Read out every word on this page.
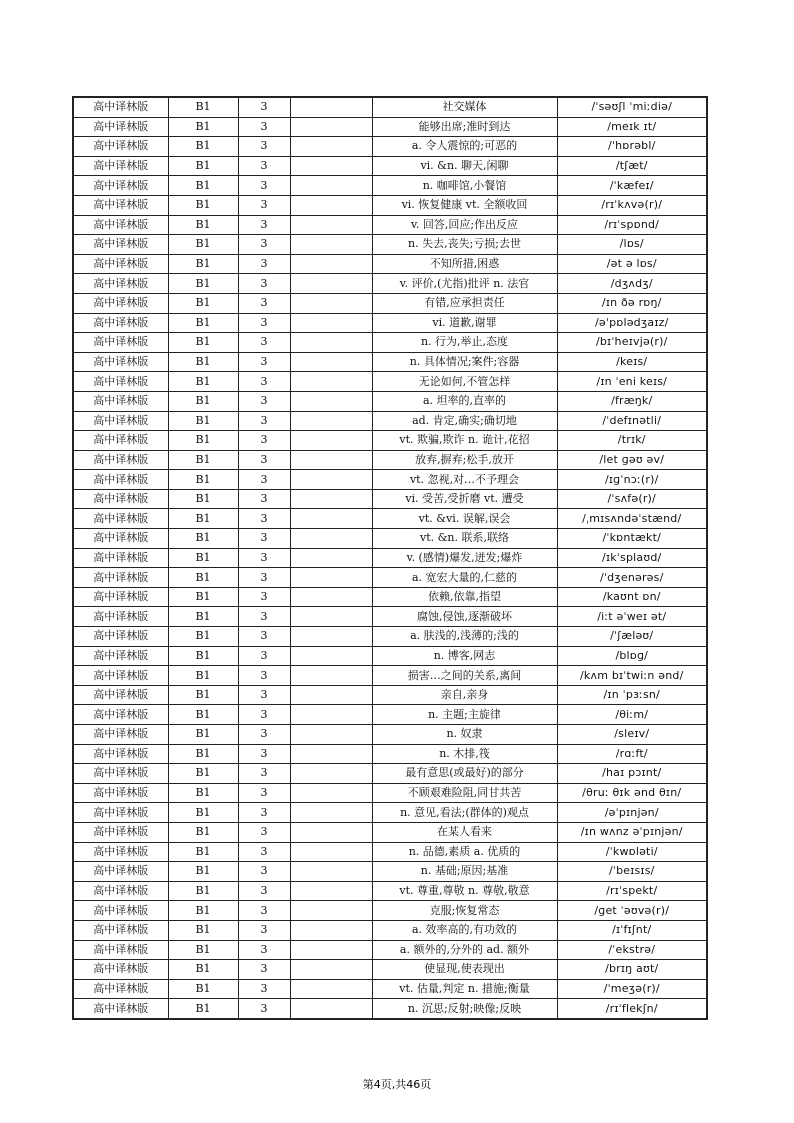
高中译林版	B1	3		社交媒体	/ˈsəʊʃl ˈmiːdiə/
高中译林版	B1	3		能够出席;准时到达	/meɪk ɪt/
高中译林版	B1	3		a. 令人震惊的;可恶的	/ˈhɒrəbl/
高中译林版	B1	3		vi. &n. 聊天,闲聊	/tʃæt/
高中译林版	B1	3		n. 咖啡馆,小餐馆	/ˈkæfeɪ/
高中译林版	B1	3		vi. 恢复健康 vt. 全额收回	/rɪˈkʌvə(r)/
高中译林版	B1	3		v. 回答,回应;作出反应	/rɪˈspɒnd/
高中译林版	B1	3		n. 失去,丧失;亏损;去世	/lɒs/
高中译林版	B1	3		不知所措,困惑	/ət ə lɒs/
高中译林版	B1	3		v. 评价,(尤指)批评 n. 法官	/dʒʌdʒ/
高中译林版	B1	3		有错,应承担责任	/ɪn ðə rɒŋ/
高中译林版	B1	3		vi. 道歉,谢罪	/əˈpɒlədʒaɪz/
高中译林版	B1	3		n. 行为,举止,态度	/bɪˈheɪvjə(r)/
高中译林版	B1	3		n. 具体情况;案件;容器	/keɪs/
高中译林版	B1	3		无论如何,不管怎样	/ɪn ˈeni keɪs/
高中译林版	B1	3		a. 坦率的,直率的	/fræŋk/
高中译林版	B1	3		ad. 肯定,确实;确切地	/ˈdefɪnətli/
高中译林版	B1	3		vt. 欺骗,欺诈 n. 诡计,花招	/trɪk/
高中译林版	B1	3		放弃,摒弃;松手,放开	/let ɡəʊ əv/
高中译林版	B1	3		vt. 忽视,对…不予理会	/ɪɡˈnɔː(r)/
高中译林版	B1	3		vi. 受苦,受折磨 vt. 遭受	/ˈsʌfə(r)/
高中译林版	B1	3		vt. &vi. 误解,误会	/ˌmɪsʌndəˈstænd/
高中译林版	B1	3		vt. &n. 联系,联络	/ˈkɒntækt/
高中译林版	B1	3		v. (感情)爆发,迸发;爆炸	/ɪkˈsplaʊd/
高中译林版	B1	3		a. 宽宏大量的,仁慈的	/ˈdʒenərəs/
高中译林版	B1	3		依赖,依靠,指望	/kaʊnt ɒn/
高中译林版	B1	3		腐蚀,侵蚀,逐渐破坏	/iːt əˈweɪ ət/
高中译林版	B1	3		a. 肤浅的,浅薄的;浅的	/ˈʃæləʊ/
高中译林版	B1	3		n. 博客,网志	/blɒɡ/
高中译林版	B1	3		损害…之间的关系,离间	/kʌm bɪˈtwiːn ənd/
高中译林版	B1	3		亲自,亲身	/ɪn ˈpɜːsn/
高中译林版	B1	3		n. 主题;主旋律	/θiːm/
高中译林版	B1	3		n. 奴隶	/sleɪv/
高中译林版	B1	3		n. 木排,筏	/rɑːft/
高中译林版	B1	3		最有意思(或最好)的部分	/haɪ pɔɪnt/
高中译林版	B1	3		不顾艰难险阻,同甘共苦	/θruː θɪk ənd θɪn/
高中译林版	B1	3		n. 意见,看法;(群体的)观点	/əˈpɪnjən/
高中译林版	B1	3		在某人看来	/ɪn wʌnz əˈpɪnjən/
高中译林版	B1	3		n. 品德,素质 a. 优质的	/ˈkwɒləti/
高中译林版	B1	3		n. 基础;原因;基准	/ˈbeɪsɪs/
高中译林版	B1	3		vt. 尊重,尊敬 n. 尊敬,敬意	/rɪˈspekt/
高中译林版	B1	3		克服;恢复常态	/ɡet ˈəʊvə(r)/
高中译林版	B1	3		a. 效率高的,有功效的	/ɪˈfɪʃnt/
高中译林版	B1	3		a. 额外的,分外的 ad. 额外	/ˈekstrə/
高中译林版	B1	3		使显现,使表现出	/brɪŋ aʊt/
高中译林版	B1	3		vt. 估量,判定 n. 措施;衡量	/ˈmeʒə(r)/
高中译林版	B1	3		n. 沉思;反射;映像;反映	/rɪˈflekʃn/
第4页,共46页
